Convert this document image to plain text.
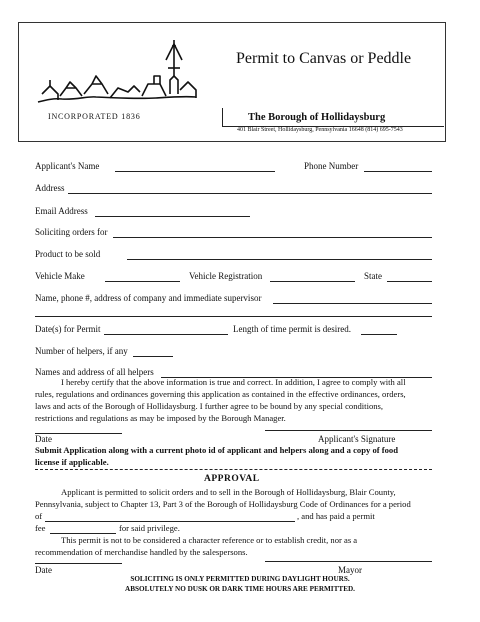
INCORPORATED 1836
Permit to Canvas or Peddle
The Borough of Hollidaysburg
401 Blair Street, Hollidaysburg, Pennsylvania 16648 (814) 695-7543
Applicant's Name	Phone Number
Address
Email Address
Soliciting orders for
Product to be sold
Vehicle Make	Vehicle Registration	State
Name, phone #, address of company and immediate supervisor
Date(s) for Permit	Length of time permit is desired.
Number of helpers, if any
Names and address of all helpers
I hereby certify that the above information is true and correct. In addition, I agree to comply with all
rules, regulations and ordinances governing this application as contained in the effective ordinances, orders,
laws and acts of the Borough of Hollidaysburg. I further agree to be bound by any special conditions,
restrictions and regulations as may be imposed by the Borough Manager.
Date	Applicant's Signature
Submit Application along with a current photo id of applicant and helpers along and a copy of food
license if applicable.
APPROVAL
Applicant is permitted to solicit orders and to sell in the Borough of Hollidaysburg, Blair County,
Pennsylvania, subject to Chapter 13, Part 3 of the Borough of Hollidaysburg Code of Ordinances for a period
of	, and has paid a permit
fee	for said privilege.
This permit is not to be considered a character reference or to establish credit, nor as a
recommendation of merchandise handled by the salespersons.
Date	Mayor
SOLICITING IS ONLY PERMITTED DURING DAYLIGHT HOURS.
ABSOLUTELY NO DUSK OR DARK TIME HOURS ARE PERMITTED.
